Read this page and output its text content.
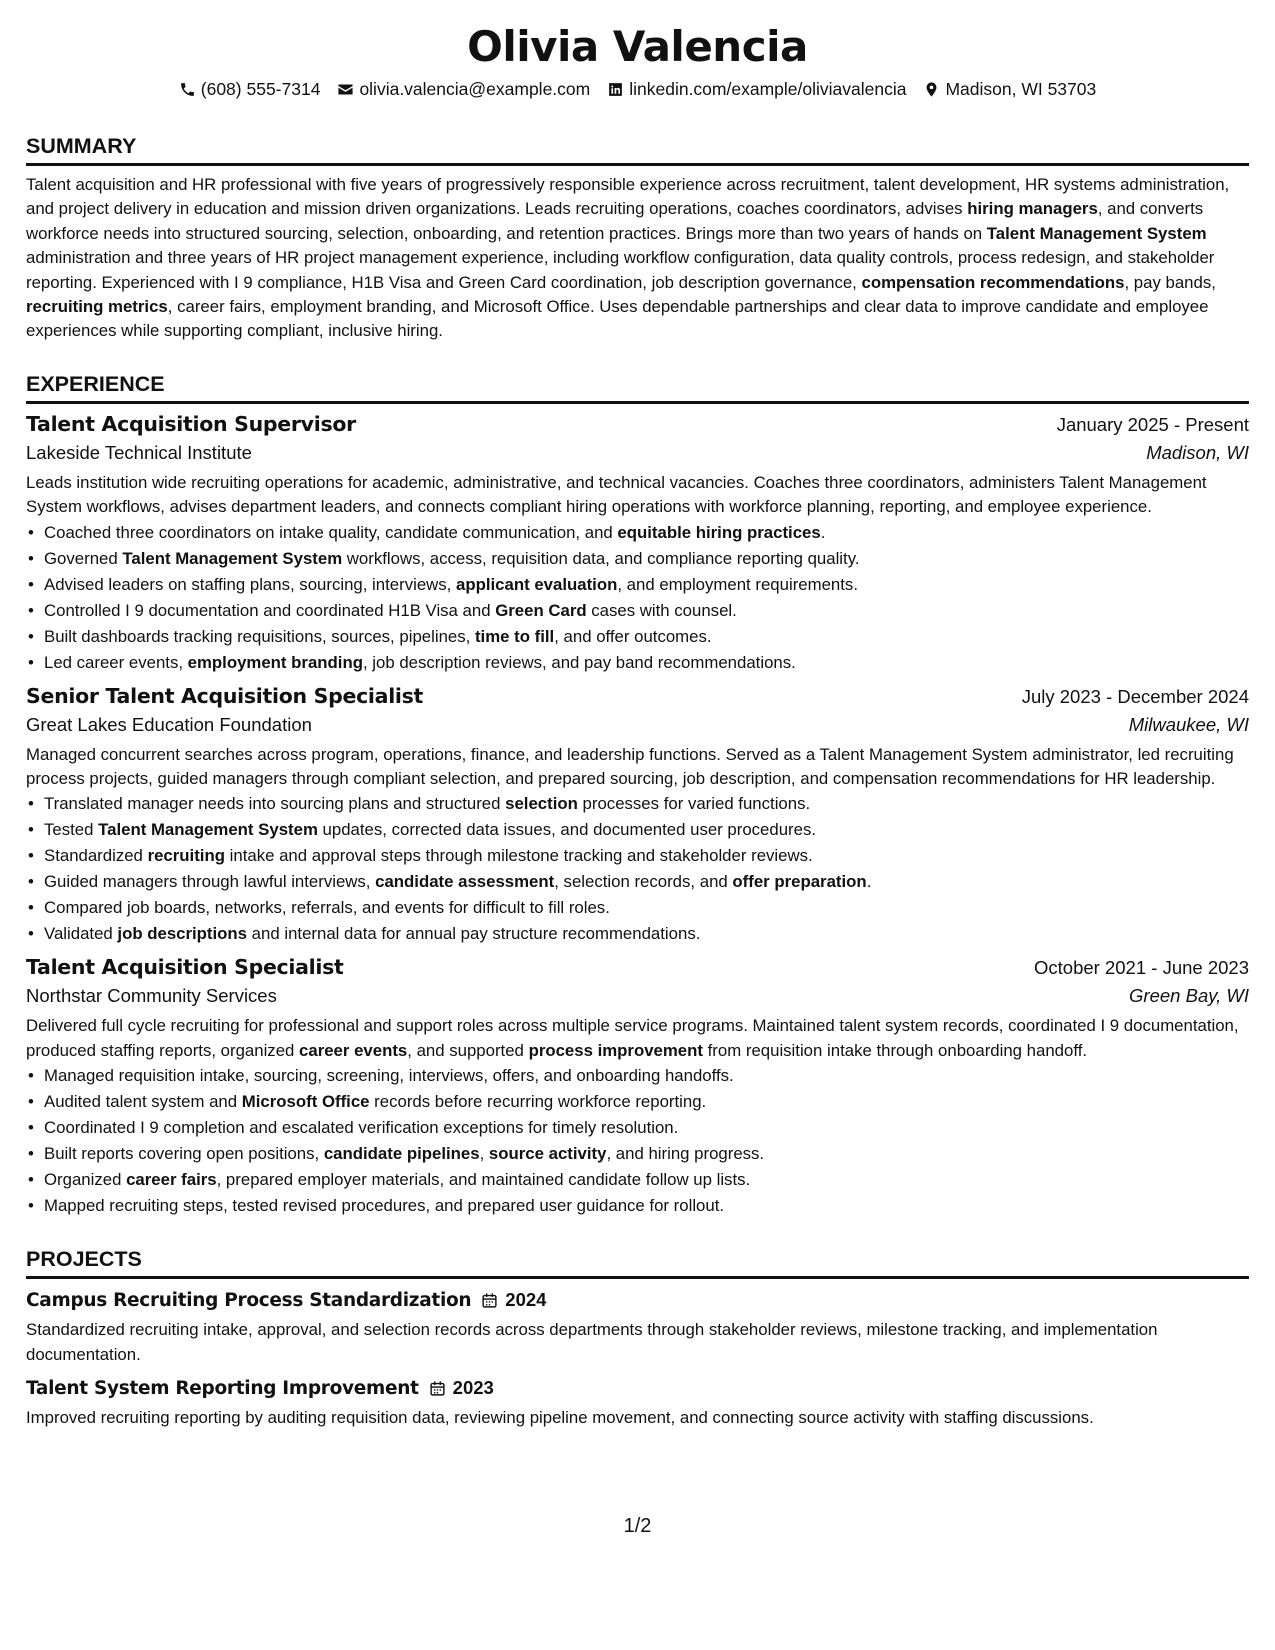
Olivia Valencia
(608) 555-7314 olivia.valencia@example.com linkedin.com/example/oliviavalencia Madison, WI 53703
SUMMARY
Talent acquisition and HR professional with five years of progressively responsible experience across recruitment, talent development, HR systems administration, and project delivery in education and mission driven organizations. Leads recruiting operations, coaches coordinators, advises hiring managers, and converts workforce needs into structured sourcing, selection, onboarding, and retention practices. Brings more than two years of hands on Talent Management System administration and three years of HR project management experience, including workflow configuration, data quality controls, process redesign, and stakeholder reporting. Experienced with I 9 compliance, H1B Visa and Green Card coordination, job description governance, compensation recommendations, pay bands, recruiting metrics, career fairs, employment branding, and Microsoft Office. Uses dependable partnerships and clear data to improve candidate and employee experiences while supporting compliant, inclusive hiring.
EXPERIENCE
Talent Acquisition Supervisor	January 2025 - Present
Lakeside Technical Institute	Madison, WI
Leads institution wide recruiting operations for academic, administrative, and technical vacancies. Coaches three coordinators, administers Talent Management System workflows, advises department leaders, and connects compliant hiring operations with workforce planning, reporting, and employee experience.
• Coached three coordinators on intake quality, candidate communication, and equitable hiring practices.
• Governed Talent Management System workflows, access, requisition data, and compliance reporting quality.
• Advised leaders on staffing plans, sourcing, interviews, applicant evaluation, and employment requirements.
• Controlled I 9 documentation and coordinated H1B Visa and Green Card cases with counsel.
• Built dashboards tracking requisitions, sources, pipelines, time to fill, and offer outcomes.
• Led career events, employment branding, job description reviews, and pay band recommendations.
Senior Talent Acquisition Specialist	July 2023 - December 2024
Great Lakes Education Foundation	Milwaukee, WI
Managed concurrent searches across program, operations, finance, and leadership functions. Served as a Talent Management System administrator, led recruiting process projects, guided managers through compliant selection, and prepared sourcing, job description, and compensation recommendations for HR leadership.
• Translated manager needs into sourcing plans and structured selection processes for varied functions.
• Tested Talent Management System updates, corrected data issues, and documented user procedures.
• Standardized recruiting intake and approval steps through milestone tracking and stakeholder reviews.
• Guided managers through lawful interviews, candidate assessment, selection records, and offer preparation.
• Compared job boards, networks, referrals, and events for difficult to fill roles.
• Validated job descriptions and internal data for annual pay structure recommendations.
Talent Acquisition Specialist	October 2021 - June 2023
Northstar Community Services	Green Bay, WI
Delivered full cycle recruiting for professional and support roles across multiple service programs. Maintained talent system records, coordinated I 9 documentation, produced staffing reports, organized career events, and supported process improvement from requisition intake through onboarding handoff.
• Managed requisition intake, sourcing, screening, interviews, offers, and onboarding handoffs.
• Audited talent system and Microsoft Office records before recurring workforce reporting.
• Coordinated I 9 completion and escalated verification exceptions for timely resolution.
• Built reports covering open positions, candidate pipelines, source activity, and hiring progress.
• Organized career fairs, prepared employer materials, and maintained candidate follow up lists.
• Mapped recruiting steps, tested revised procedures, and prepared user guidance for rollout.
PROJECTS
Campus Recruiting Process Standardization 2024
Standardized recruiting intake, approval, and selection records across departments through stakeholder reviews, milestone tracking, and implementation documentation.
Talent System Reporting Improvement 2023
Improved recruiting reporting by auditing requisition data, reviewing pipeline movement, and connecting source activity with staffing discussions.
1/2
